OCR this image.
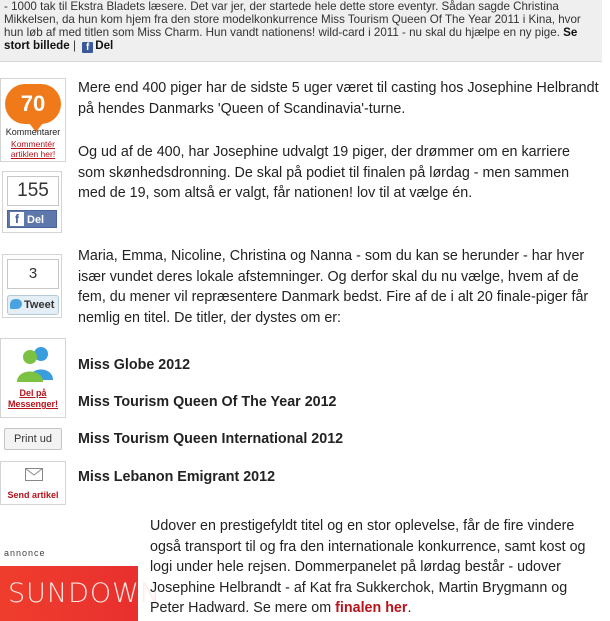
- 1000 tak til Ekstra Bladets læsere. Det var jer, der startede hele dette store eventyr. Sådan sagde Christina Mikkelsen, da hun kom hjem fra den store modelkonkurrence Miss Tourism Queen Of The Year 2011 i Kina, hvor hun løb af med titlen som Miss Charm. Hun vandt nationens! wild-card i 2011 - nu skal du hjælpe en ny pige. Se stort billede | f Del
70
Kommentarer
Kommentér artiklen her!
155
f Del
3
Tweet
Del på Messenger!
Print ud
Send artikel
annonce
SUNDOWN

Mere end 400 piger har de sidste 5 uger været til casting hos Josephine Helbrandt på hendes Danmarks 'Queen of Scandinavia'-turne.

Og ud af de 400, har Josephine udvalgt 19 piger, der drømmer om en karriere som skønhedsdronning. De skal på podiet til finalen på lørdag - men sammen med de 19, som altså er valgt, får nationen! lov til at vælge én.

Maria, Emma, Nicoline, Christina og Nanna - som du kan se herunder - har hver især vundet deres lokale afstemninger. Og derfor skal du nu vælge, hvem af de fem, du mener vil repræsentere Danmark bedst. Fire af de i alt 20 finale-piger får nemlig en titel. De titler, der dystes om er:

Miss Globe 2012
Miss Tourism Queen Of The Year 2012
Miss Tourism Queen International 2012
Miss Lebanon Emigrant 2012

Udover en prestigefyldt titel og en stor oplevelse, får de fire vindere også transport til og fra den internationale konkurrence, samt kost og logi under hele rejsen. Dommerpanelet på lørdag består - udover Josephine Helbrandt - af Kat fra Sukkerchok, Martin Brygmann og Peter Hadward. Se mere om finalen her.
